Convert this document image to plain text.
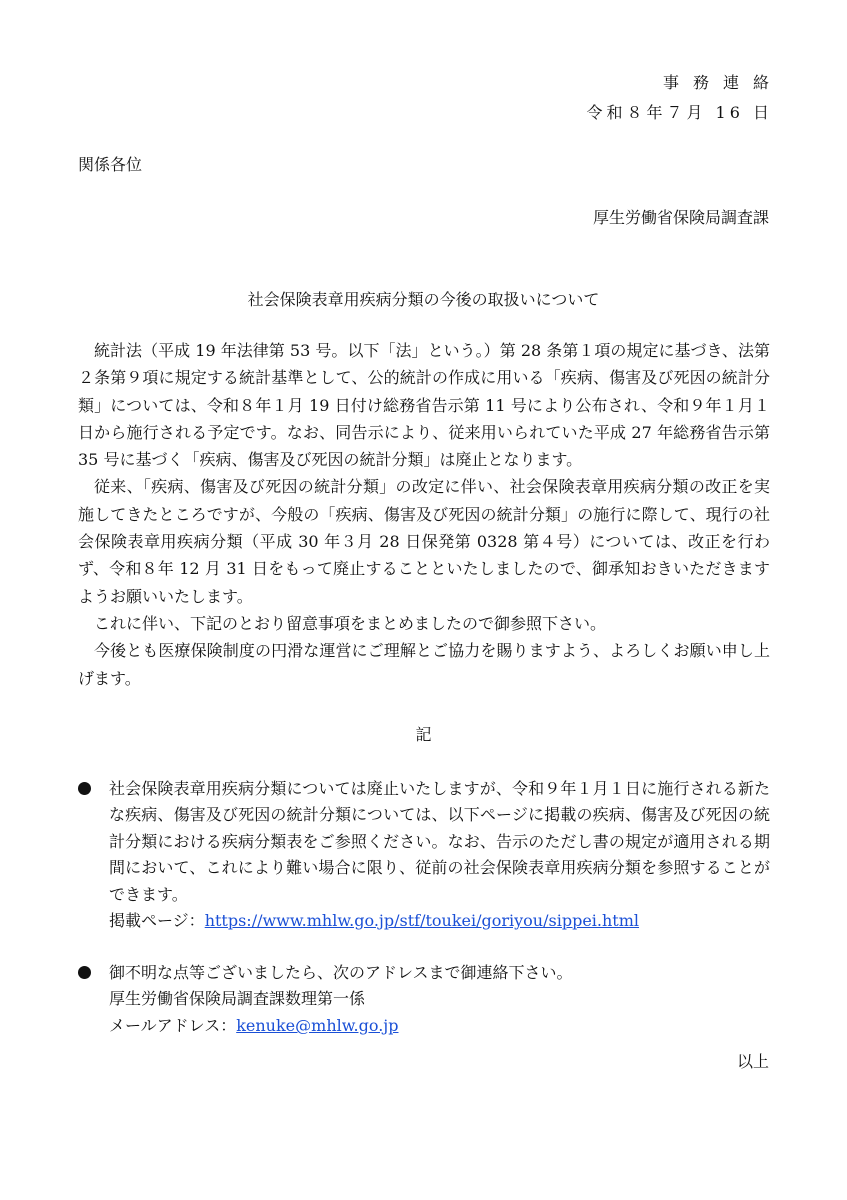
事務連絡
令和８年７月 16 日
関係各位
厚生労働省保険局調査課
社会保険表章用疾病分類の今後の取扱いについて

統計法（平成 19 年法律第 53 号。以下「法」という。）第 28 条第１項の規定に基づき、法第２条第９項に規定する統計基準として、公的統計の作成に用いる「疾病、傷害及び死因の統計分類」については、令和８年１月 19 日付け総務省告示第 11 号により公布され、令和９年１月１日から施行される予定です。なお、同告示により、従来用いられていた平成 27 年総務省告示第 35 号に基づく「疾病、傷害及び死因の統計分類」は廃止となります。

従来、「疾病、傷害及び死因の統計分類」の改定に伴い、社会保険表章用疾病分類の改正を実施してきたところですが、今般の「疾病、傷害及び死因の統計分類」の施行に際して、現行の社会保険表章用疾病分類（平成 30 年３月 28 日保発第 0328 第４号）については、改正を行わず、令和８年 12 月 31 日をもって廃止することといたしましたので、御承知おきいただきますようお願いいたします。

これに伴い、下記のとおり留意事項をまとめましたので御参照下さい。

今後とも医療保険制度の円滑な運営にご理解とご協力を賜りますよう、よろしくお願い申し上げます。

記
社会保険表章用疾病分類については廃止いたしますが、令和９年１月１日に施行される新たな疾病、傷害及び死因の統計分類については、以下ページに掲載の疾病、傷害及び死因の統計分類における疾病分類表をご参照ください。なお、告示のただし書の規定が適用される期間において、これにより難い場合に限り、従前の社会保険表章用疾病分類を参照することができます。
掲載ページ：https://www.mhlw.go.jp/stf/toukei/goriyou/sippei.html
御不明な点等ございましたら、次のアドレスまで御連絡下さい。
厚生労働省保険局調査課数理第一係
メールアドレス：kenuke@mhlw.go.jp
以上
